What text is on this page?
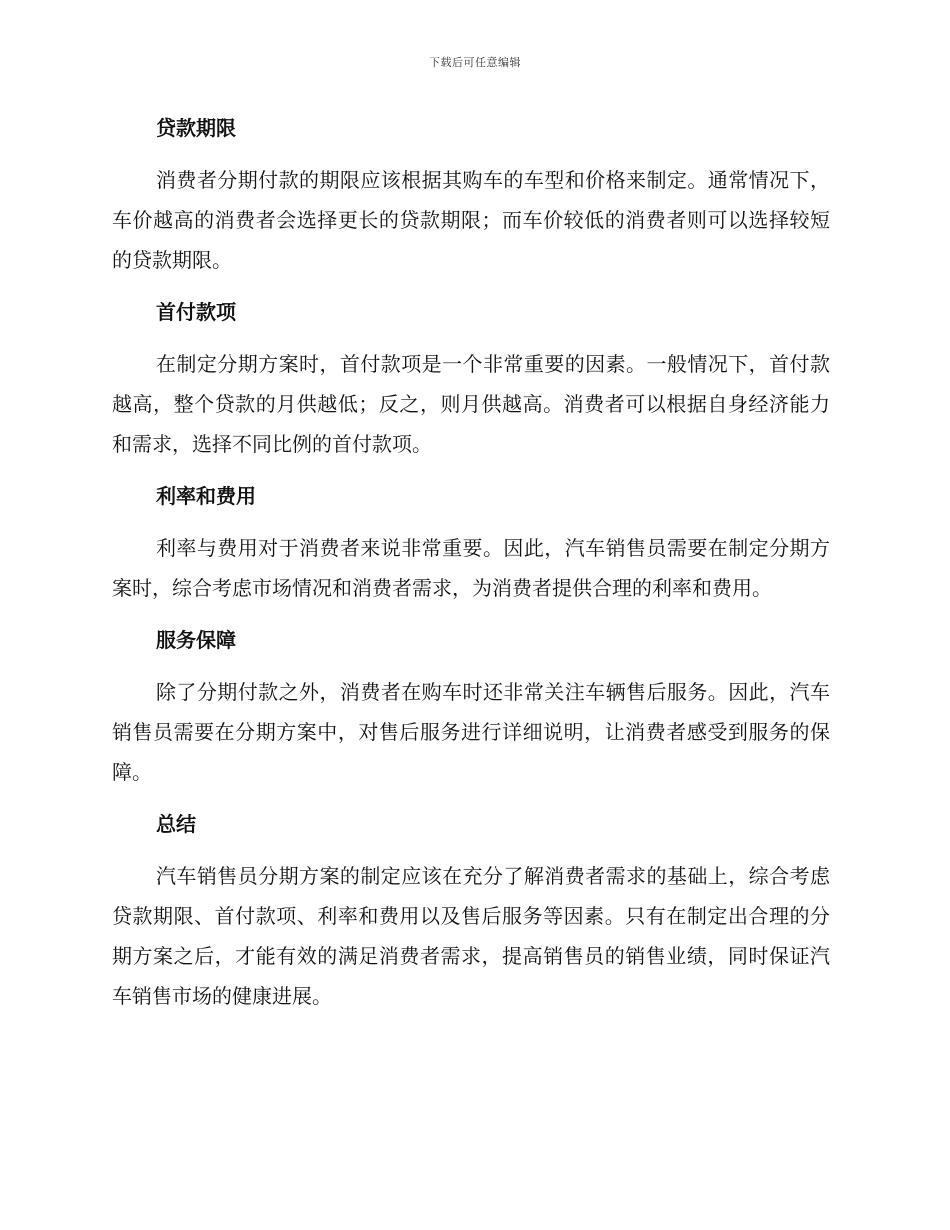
下载后可任意编辑
贷款期限

消费者分期付款的期限应该根据其购车的车型和价格来制定。通常情况下，车价越高的消费者会选择更长的贷款期限；而车价较低的消费者则可以选择较短的贷款期限。

首付款项

在制定分期方案时，首付款项是一个非常重要的因素。一般情况下，首付款越高，整个贷款的月供越低；反之，则月供越高。消费者可以根据自身经济能力和需求，选择不同比例的首付款项。

利率和费用

利率与费用对于消费者来说非常重要。因此，汽车销售员需要在制定分期方案时，综合考虑市场情况和消费者需求，为消费者提供合理的利率和费用。

服务保障

除了分期付款之外，消费者在购车时还非常关注车辆售后服务。因此，汽车销售员需要在分期方案中，对售后服务进行详细说明，让消费者感受到服务的保障。

总结

汽车销售员分期方案的制定应该在充分了解消费者需求的基础上，综合考虑贷款期限、首付款项、利率和费用以及售后服务等因素。只有在制定出合理的分期方案之后，才能有效的满足消费者需求，提高销售员的销售业绩，同时保证汽车销售市场的健康进展。
